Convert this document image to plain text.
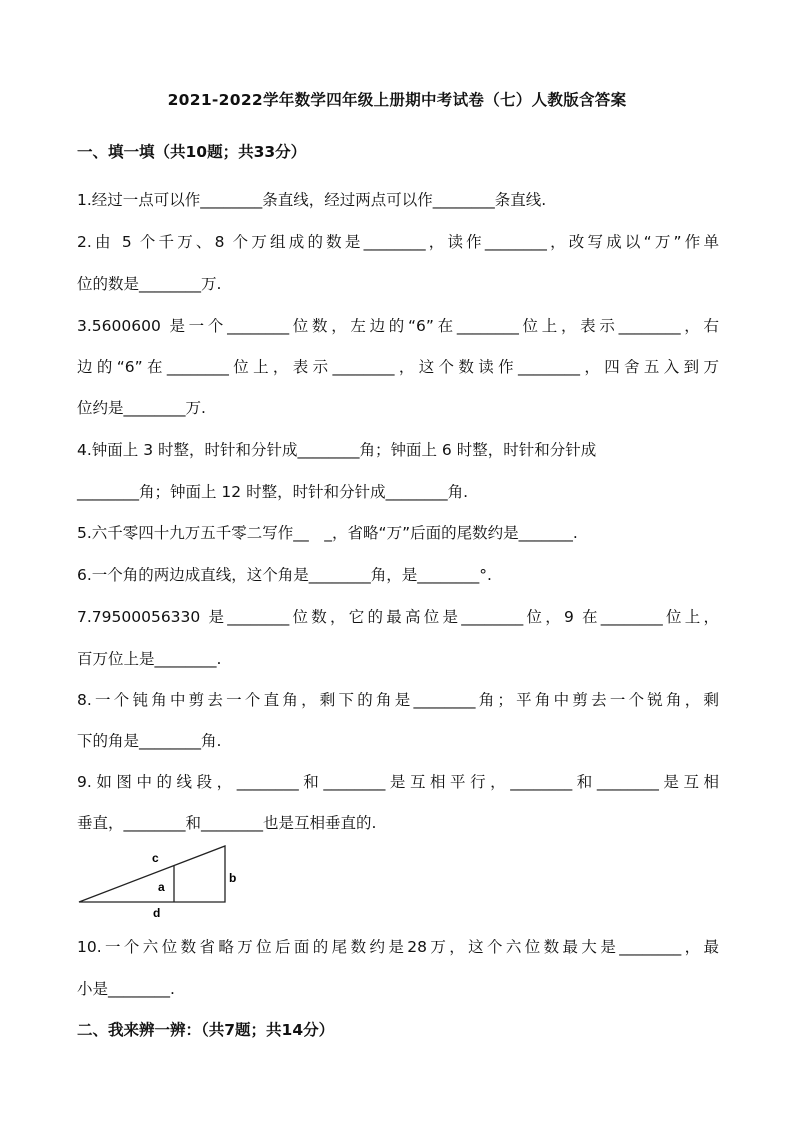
2021-2022学年数学四年级上册期中考试卷（七）人教版含答案
一、填一填（共10题；共33分）
1.经过一点可以作________条直线，经过两点可以作________条直线.
2.由 5 个千万、8 个万组成的数是________，读作________，改写成以“万”作单
位的数是________万.
3.5600600 是一个________位数，左边的“6”在________位上，表示________，右
边的“6”在________位上，表示________，这个数读作________，四舍五入到万
位约是________万.
4.钟面上 3 时整，时针和分针成________角；钟面上 6 时整，时针和分针成
________角；钟面上 12 时整，时针和分针成________角.
5.六千零四十九万五千零二写作__　_，省略“万”后面的尾数约是_______.
6.一个角的两边成直线，这个角是________角，是________°.
7.79500056330 是________位数，它的最高位是________位，9 在________位上，
百万位上是________.
8.一个钝角中剪去一个直角，剩下的角是________角；平角中剪去一个锐角，剩
下的角是________角.
9.如图中的线段，________和________是互相平行，________和________是互相
垂直，________和________也是互相垂直的.
c
a
b
d
10.一个六位数省略万位后面的尾数约是28万，这个六位数最大是________，最
小是________.
二、我来辨一辨：（共7题；共14分）
